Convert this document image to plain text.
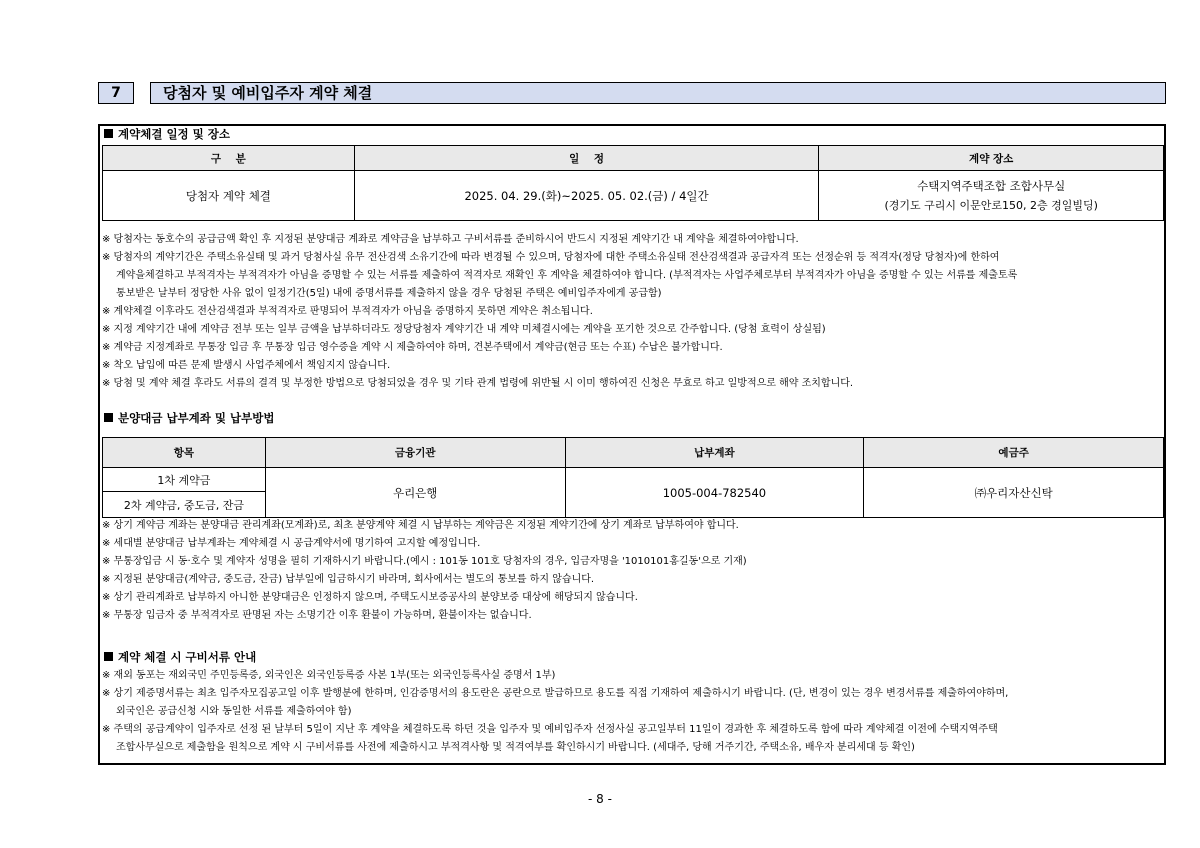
7	당첨자 및 예비입주자 계약 체결
계약체결 일정 및 장소
구    분	일    정	계약 장소
당첨자 계약 체결	2025. 04. 29.(화)~2025. 05. 02.(금) / 4일간	수택지역주택조합 조합사무실
(경기도 구리시 이문안로150, 2층 경일빌딩)
※ 당첨자는 동호수의 공급금액 확인 후 지정된 분양대금 계좌로 계약금을 납부하고 구비서류를 준비하시어 반드시 지정된 계약기간 내 계약을 체결하여야합니다.
※ 당첨자의 계약기간은 주택소유실태 및 과거 당첨사실 유무 전산검색 소유기간에 따라 변경될 수 있으며, 당첨자에 대한 주택소유실태 전산검색결과 공급자격 또는 선정순위 등 적격자(정당 당첨자)에 한하여
계약을체결하고 부적격자는 부적격자가 아님을 증명할 수 있는 서류를 제출하여 적격자로 재확인 후 계약을 체결하여야 합니다. (부적격자는 사업주체로부터 부적격자가 아님을 증명할 수 있는 서류를 제출토록
통보받은 날부터 정당한 사유 없이 일정기간(5일) 내에 증명서류를 제출하지 않을 경우 당첨된 주택은 예비입주자에게 공급함)
※ 계약체결 이후라도 전산검색결과 부적격자로 판명되어 부적격자가 아님을 증명하지 못하면 계약은 취소됩니다.
※ 지정 계약기간 내에 계약금 전부 또는 일부 금액을 납부하더라도 정당당첨자 계약기간 내 계약 미체결시에는 계약을 포기한 것으로 간주합니다. (당첨 효력이 상실됨)
※ 계약금 지정계좌로 무통장 입금 후 무통장 입금 영수증을 계약 시 제출하여야 하며, 견본주택에서 계약금(현금 또는 수표) 수납은 불가합니다.
※ 착오 납입에 따른 문제 발생시 사업주체에서 책임지지 않습니다.
※ 당첨 및 계약 체결 후라도 서류의 결격 및 부정한 방법으로 당첨되었을 경우 및 기타 관계 법령에 위반될 시 이미 행하여진 신청은 무효로 하고 일방적으로 해약 조치합니다.
분양대금 납부계좌 및 납부방법
항목	금융기관	납부계좌	예금주
1차 계약금	우리은행	1005-004-782540	㈜우리자산신탁
2차 계약금, 중도금, 잔금			
※ 상기 계약금 계좌는 분양대금 관리계좌(모계좌)로, 최초 분양계약 체결 시 납부하는 계약금은 지정된 계약기간에 상기 계좌로 납부하여야 합니다.
※ 세대별 분양대금 납부계좌는 계약체결 시 공급계약서에 명기하여 고지할 예정입니다.
※ 무통장입금 시 동·호수 및 계약자 성명을 필히 기재하시기 바랍니다.(예시 : 101동 101호 당첨자의 경우, 입금자명을 '1010101홍길동'으로 기재)
※ 지정된 분양대금(계약금, 중도금, 잔금) 납부일에 입금하시기 바라며, 회사에서는 별도의 통보를 하지 않습니다.
※ 상기 관리계좌로 납부하지 아니한 분양대금은 인정하지 않으며, 주택도시보증공사의 분양보증 대상에 해당되지 않습니다.
※ 무통장 입금자 중 부적격자로 판명된 자는 소명기간 이후 환불이 가능하며, 환불이자는 없습니다.
계약 체결 시 구비서류 안내
※ 재외 동포는 재외국민 주민등록증, 외국인은 외국인등록증 사본 1부(또는 외국인등록사실 증명서 1부)
※ 상기 제증명서류는 최초 입주자모집공고일 이후 발행분에 한하며, 인감증명서의 용도란은 공란으로 발급하므로 용도를 직접 기재하여 제출하시기 바랍니다. (단, 변경이 있는 경우 변경서류를 제출하여야하며,
외국인은 공급신청 시와 동일한 서류를 제출하여야 함)
※ 주택의 공급계약이 입주자로 선정 된 날부터 5일이 지난 후 계약을 체결하도록 하던 것을 입주자 및 예비입주자 선정사실 공고일부터 11일이 경과한 후 체결하도록 함에 따라 계약체결 이전에 수택지역주택
조합사무실으로 제출함을 원칙으로 계약 시 구비서류를 사전에 제출하시고 부적격사항 및 적격여부를 확인하시기 바랍니다. (세대주, 당해 거주기간, 주택소유, 배우자 분리세대 등 확인)
- 8 -
